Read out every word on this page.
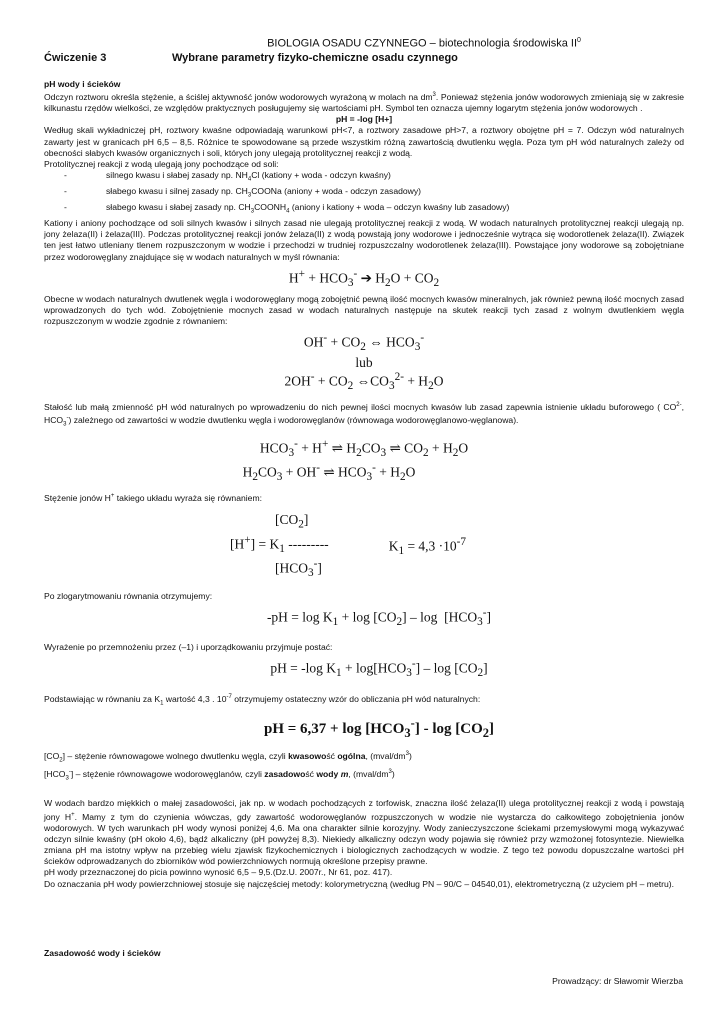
BIOLOGIA OSADU CZYNNEGO – biotechnologia środowiska $II^0$
Ćwiczenie 3	Wybrane parametry fizyko-chemiczne osadu czynnego

pH wody i ścieków

Odczyn roztworu określa stężenie, a ściślej aktywność jonów wodorowych wyrażoną w molach na $dm^3$. Ponieważ stężenia jonów wodorowych zmieniają się w zakresie kilkunastu rzędów wielkości, ze względów praktycznych posługujemy się wartościami pH. Symbol ten oznacza ujemny logarytm stężenia jonów wodorowych .

pH = -log [H+]

Według skali wykładniczej pH, roztwory kwaśne odpowiadają warunkowi pH<7, a roztwory zasadowe pH>7, a roztwory obojętne pH = 7. Odczyn wód naturalnych zawarty jest w granicach pH 6,5 – 8,5. Różnice te spowodowane są przede wszystkim różną zawartością dwutlenku węgla. Poza tym pH wód naturalnych zależy od obecności słabych kwasów organicznych i soli, których jony ulegają protolitycznej reakcji z wodą.

Protolitycznej reakcji z wodą ulegają jony pochodzące od soli:

- silnego kwasu i słabej zasady np. $NH_4Cl$ (kationy + woda - odczyn kwaśny)
- słabego kwasu i silnej zasady np. $CH_3COONa$ (aniony + woda - odczyn zasadowy)
- słabego kwasu i słabej zasady np. $CH_3COONH_4$ (aniony i kationy + woda – odczyn kwaśny lub zasadowy)

Kationy i aniony pochodzące od soli silnych kwasów i silnych zasad nie ulegają protolitycznej reakcji z wodą. W wodach naturalnych protolitycznej reakcji ulegają np. jony żelaza(II) i żelaza(III). Podczas protolitycznej reakcji jonów żelaza(II) z wodą powstają jony wodorowe i jednocześnie wytrąca się wodorotlenek żelaza(II). Związek ten jest łatwo utleniany tlenem rozpuszczonym w wodzie i przechodzi w trudniej rozpuszczalny wodorotlenek żelaza(III). Powstające jony wodorowe są zobojętniane przez wodorowęglany znajdujące się w wodach naturalnych w myśl równania:

$H^+ + HCO_3^-$ ➔ $H_2O + CO_2$

Obecne w wodach naturalnych dwutlenek węgla i wodorowęglany mogą zobojętnić pewną ilość mocnych kwasów mineralnych, jak również pewną ilość mocnych zasad wprowadzonych do tych wód. Zobojętnienie mocnych zasad w wodach naturalnych następuje na skutek reakcji tych zasad z wolnym dwutlenkiem węgla rozpuszczonym w wodzie zgodnie z równaniem:

$OH^- + CO_2$ ⇔ $HCO_3^-$
lub
$2OH^- + CO_2$ $\Leftrightarrow CO_3^{2-} + H_2O$

Stałość lub małą zmienność pH wód naturalnych po wprowadzeniu do nich pewnej ilości mocnych kwasów lub zasad zapewnia istnienie układu buforowego ( $CO^{2-}$, $HCO_3^-$) zależnego od zawartości w wodzie dwutlenku węgla i wodorowęglanów (równowaga wodorowęglanowo-węglanowa).

$HCO_3^- + H^+$ ⇌ $H_2CO_3$ ⇌ $CO_2 + H_2O$
$H_2CO_3 + OH^-$ ⇌ $HCO_3^- + H_2O$

Stężenie jonów H+ takiego układu wyraża się równaniem:

$[CO_2]$
$[H^+] = K_1$ ---------
$[HCO_3^-]$
$K_1 = 4,3 \cdot 10^{-7}$

Po zlogarytmowaniu równania otrzymujemy:

$-pH = \log K_1 + \log [CO_2] - \log [HCO_3^-]$

Wyrażenie po przemnożeniu przez (–1) i uporządkowaniu przyjmuje postać:

pH = -log $K_1 + \log[HCO_3^-] - \log [CO_2]$

Podstawiając w równaniu za $K_1$ wartość 4,3 . $10^{-7}$ otrzymujemy ostateczny wzór do obliczania pH wód naturalnych:

pH = $6,37 + \log [HCO_3^-] - \log [CO_2]$

$[CO_2]$ – stężenie równowagowe wolnego dwutlenku węgla, czyli kwasowość ogólna, $(mval/dm^3)$

$[HCO_3^-]$ – stężenie równowagowe wodorowęglanów, czyli zasadowość wody m, $(mval/dm^3)$

W wodach bardzo miękkich o małej zasadowości, jak np. w wodach pochodzących z torfowisk, znaczna ilość żelaza(II) ulega protolitycznej reakcji z wodą i powstają jony H+. Mamy z tym do czynienia wówczas, gdy zawartość wodorowęglanów rozpuszczonych w wodzie nie wystarcza do całkowitego zobojętnienia jonów wodorowych. W tych warunkach pH wody wynosi poniżej 4,6. Ma ona charakter silnie korozyjny. Wody zanieczyszczone ściekami przemysłowymi mogą wykazywać odczyn silnie kwaśny (pH około 4,6), bądź alkaliczny (pH powyżej 8,3). Niekiedy alkaliczny odczyn wody pojawia się również przy wzmożonej fotosyntezie. Niewielka zmiana pH ma istotny wpływ na przebieg wielu zjawisk fizykochemicznych i biologicznych zachodzących w wodzie. Z tego też powodu dopuszczalne wartości pH ścieków odprowadzanych do zbiorników wód powierzchniowych normują określone przepisy prawne.

pH wody przeznaczonej do picia powinno wynosić 6,5 – 9,5.(Dz.U. 2007r., Nr 61, poz. 417).

Do oznaczania pH wody powierzchniowej stosuje się najczęściej metody: kolorymetryczną (według PN – 90/C – 04540,01), elektrometryczną (z użyciem pH – metru).

Zasadowość wody i ścieków

Prowadzący: dr Sławomir Wierzba
